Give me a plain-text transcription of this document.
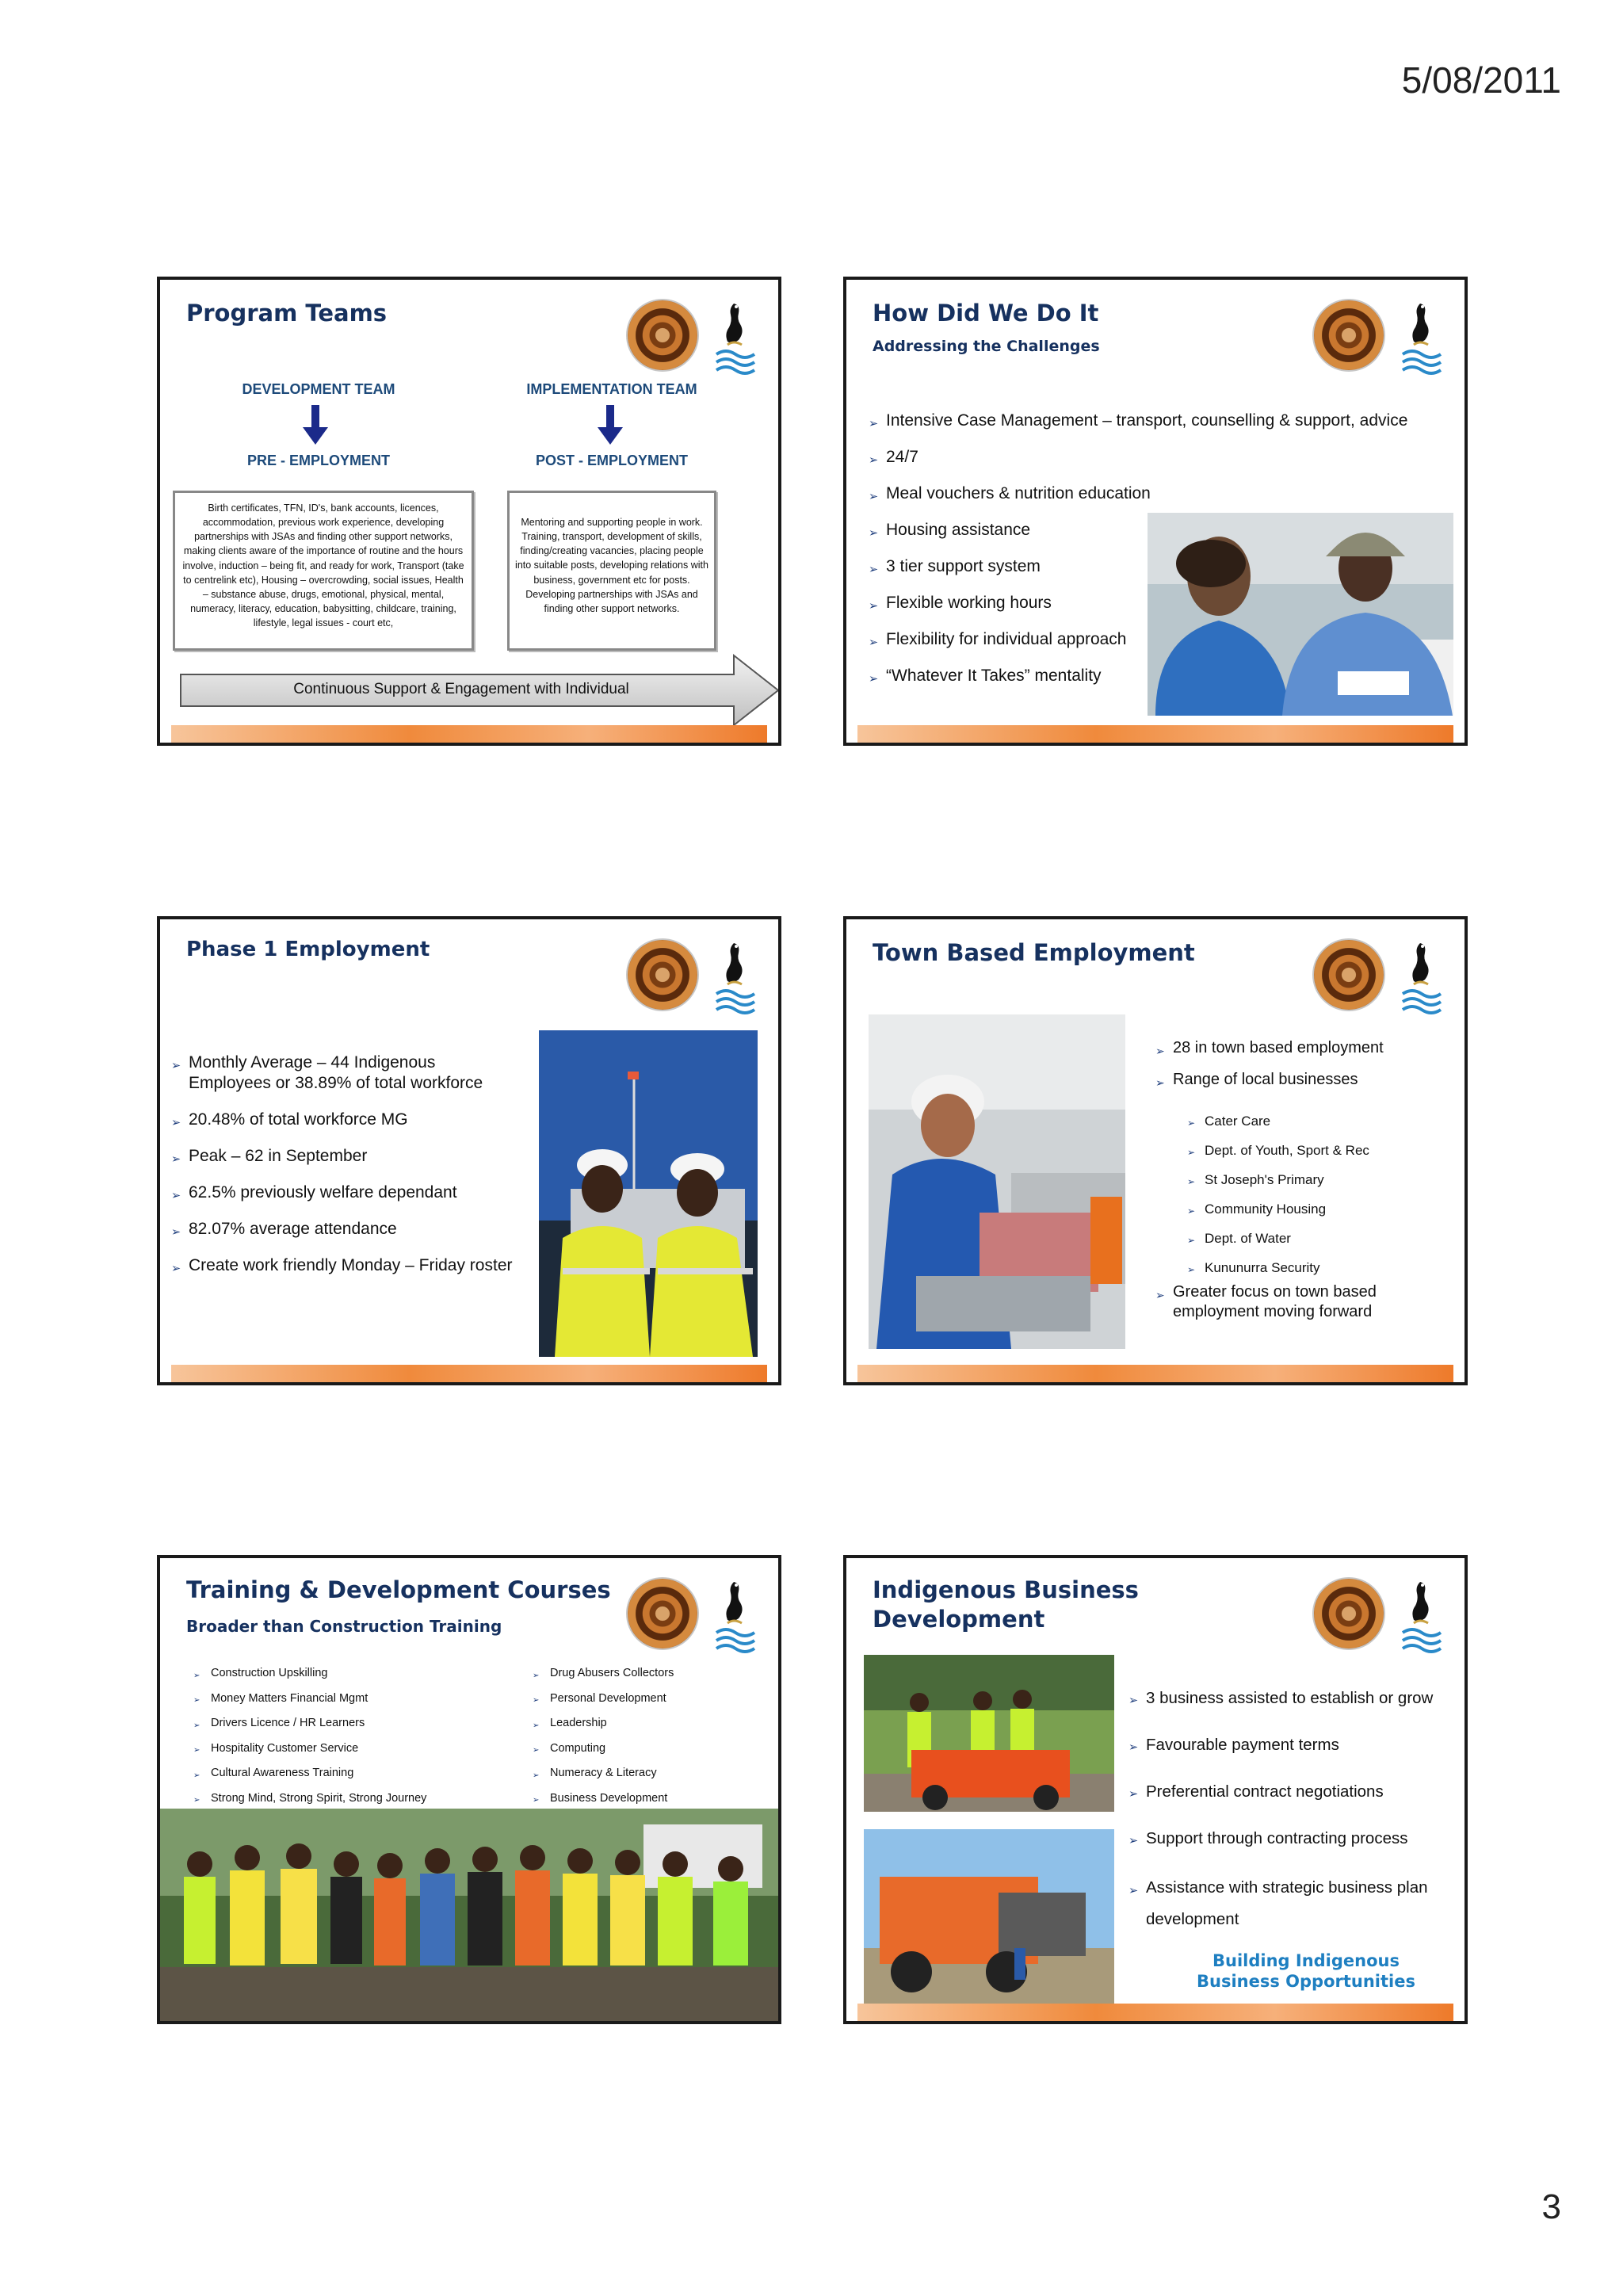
5/08/2011
3
Program Teams
DEVELOPMENT TEAM	IMPLEMENTATION TEAM
PRE - EMPLOYMENT	POST - EMPLOYMENT
Birth certificates, TFN, ID's, bank accounts, licences, accommodation, previous work experience, developing partnerships with JSAs and finding other support networks, making clients aware of the importance of routine and the hours involve, induction – being fit, and ready for work, Transport (take to centrelink etc), Housing – overcrowding, social issues, Health – substance abuse, drugs, emotional, physical, mental, numeracy, literacy, education, babysitting, childcare, training, lifestyle, legal issues - court etc,
Mentoring and supporting people in work. Training, transport, development of skills, finding/creating vacancies, placing people into suitable posts, developing relations with business, government etc for posts. Developing partnerships with JSAs and finding other support networks.
Continuous Support & Engagement with Individual
How Did We Do It
Addressing the Challenges
➢ Intensive Case Management – transport, counselling & support, advice
➢ 24/7
➢ Meal vouchers & nutrition education
➢ Housing assistance
➢ 3 tier support system
➢ Flexible working hours
➢ Flexibility for individual approach
➢ “Whatever It Takes” mentality
Phase 1 Employment
➢ Monthly Average – 44 Indigenous Employees or 38.89% of total workforce
➢ 20.48% of total workforce MG
➢ Peak – 62 in September
➢ 62.5% previously welfare dependant
➢ 82.07% average attendance
➢ Create work friendly Monday – Friday roster
Town Based Employment
➢ 28 in town based employment
➢ Range of local businesses
➢ Cater Care
➢ Dept. of Youth, Sport & Rec
➢ St Joseph's Primary
➢ Community Housing
➢ Dept. of Water
➢ Kununurra Security
➢ Greater focus on town based employment moving forward
Training & Development Courses
Broader than Construction Training
➢ Construction Upskilling
➢ Money Matters Financial Mgmt
➢ Drivers Licence / HR Learners
➢ Hospitality Customer Service
➢ Cultural Awareness Training
➢ Strong Mind, Strong Spirit, Strong Journey
➢ Drug Abusers Collectors
➢ Personal Development
➢ Leadership
➢ Computing
➢ Numeracy & Literacy
➢ Business Development
Indigenous Business
Development
➢ 3 business assisted to establish or grow
➢ Favourable payment terms
➢ Preferential contract negotiations
➢ Support through contracting process
➢ Assistance with strategic business plan development
Building Indigenous
Business Opportunities
